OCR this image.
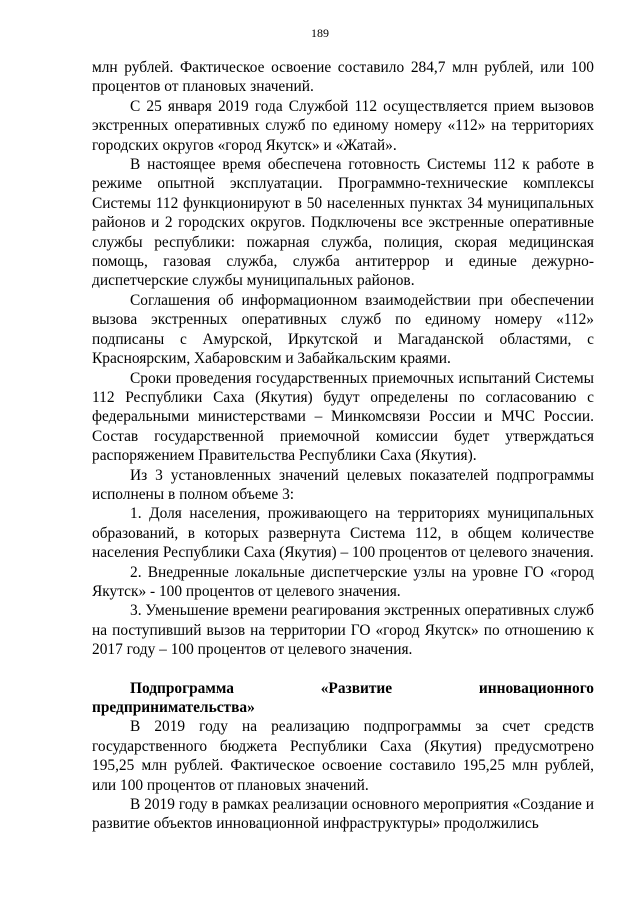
189

млн рублей. Фактическое освоение составило 284,7 млн рублей, или 100 процентов от плановых значений.

С 25 января 2019 года Службой 112 осуществляется прием вызовов экстренных оперативных служб по единому номеру «112» на территориях городских округов «город Якутск» и «Жатай».

В настоящее время обеспечена готовность Системы 112 к работе в режиме опытной эксплуатации. Программно-технические комплексы Системы 112 функционируют в 50 населенных пунктах 34 муниципальных районов и 2 городских округов. Подключены все экстренные оперативные службы республики: пожарная служба, полиция, скорая медицинская помощь, газовая служба, служба антитеррор и единые дежурно-диспетчерские службы муниципальных районов.

Соглашения об информационном взаимодействии при обеспечении вызова экстренных оперативных служб по единому номеру «112» подписаны с Амурской, Иркутской и Магаданской областями, с Красноярским, Хабаровским и Забайкальским краями.

Сроки проведения государственных приемочных испытаний Системы 112 Республики Саха (Якутия) будут определены по согласованию с федеральными министерствами – Минкомсвязи России и МЧС России. Состав государственной приемочной комиссии будет утверждаться распоряжением Правительства Республики Саха (Якутия).

Из 3 установленных значений целевых показателей подпрограммы исполнены в полном объеме 3:

1. Доля населения, проживающего на территориях муниципальных образований, в которых развернута Система 112, в общем количестве населения Республики Саха (Якутия) – 100 процентов от целевого значения.

2. Внедренные локальные диспетчерские узлы на уровне ГО «город Якутск» - 100 процентов от целевого значения.

3. Уменьшение времени реагирования экстренных оперативных служб на поступивший вызов на территории ГО «город Якутск» по отношению к 2017 году – 100 процентов от целевого значения.

Подпрограмма «Развитие инновационного предпринимательства»

В 2019 году на реализацию подпрограммы за счет средств государственного бюджета Республики Саха (Якутия) предусмотрено 195,25 млн рублей. Фактическое освоение составило 195,25 млн рублей, или 100 процентов от плановых значений.

В 2019 году в рамках реализации основного мероприятия «Создание и развитие объектов инновационной инфраструктуры» продолжились
